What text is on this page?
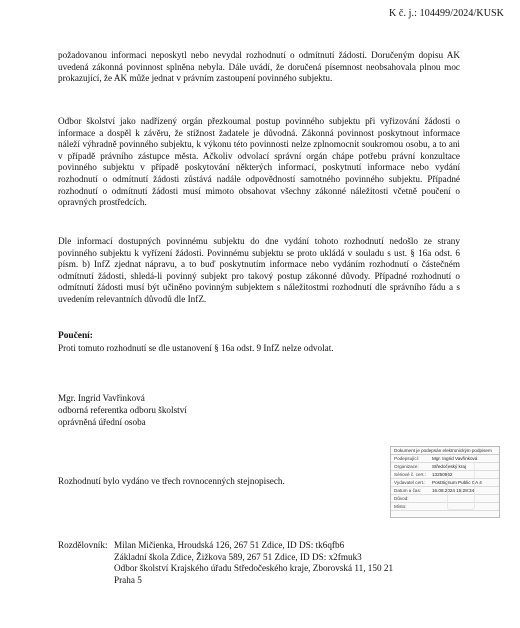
K č. j.: 104499/2024/KUSK

požadovanou informaci neposkytl nebo nevydal rozhodnutí o odmítnutí žádosti. Doručeným dopisu AK uvedená zákonná povinnost splněna nebyla. Dále uvádí, že doručená písemnost neobsahovala plnou moc prokazující, že AK může jednat v právním zastoupení povinného subjektu.

Odbor školství jako nadřízený orgán přezkoumal postup povinného subjektu při vyřizování žádosti o informace a dospěl k závěru, že stížnost žadatele je důvodná. Zákonná povinnost poskytnout informace náleží výhradně povinného subjektu, k výkonu této povinnosti nelze zplnomocnit soukromou osobu, a to ani v případě právního zástupce města. Ačkoliv odvolací správní orgán chápe potřebu právní konzultace povinného subjektu v případě poskytování některých informací, poskytnutí informace nebo vydání rozhodnutí o odmítnutí žádosti zůstává nadále odpovědností samotného povinného subjektu. Případné rozhodnutí o odmítnutí žádosti musí mimoto obsahovat všechny zákonné náležitosti včetně poučení o opravných prostředcích.

Dle informací dostupných povinnému subjektu do dne vydání tohoto rozhodnutí nedošlo ze strany povinného subjektu k vyřízení žádosti. Povinnému subjektu se proto ukládá v souladu s ust. § 16a odst. 6 písm. b) InfZ zjednat nápravu, a to buď poskytnutím informace nebo vydáním rozhodnutí o částečném odmítnutí žádosti, shledá-li povinný subjekt pro takový postup zákonné důvody. Případné rozhodnutí o odmítnutí žádosti musí být učiněno povinným subjektem s náležitostmi rozhodnutí dle správního řádu a s uvedením relevantních důvodů dle InfZ.

Poučení:

Proti tomuto rozhodnutí se dle ustanovení § 16a odst. 9 InfZ nelze odvolat.

Mgr. Ingrid Vavřinková
odborná referentka odboru školství
oprávněná úřední osoba

Rozhodnutí bylo vydáno ve třech rovnocenných stejnopisech.

Dokument je podepsán elektronickým podpisem
Podepsující:	Mgr. Ingrid Vavřinková
Organizace:	Středočeský kraj
Sériové č. cert.:	13250962
Vydavatel cert.:	PostSignum Public CA 4
Datum a čas:	16.08.2024 15:28:34
Důvod:
Místo:
Rozdělovník: Milan Mičienka, Hroudská 126, 267 51 Zdice, ID DS: tk6qfb6
Základní škola Zdice, Žižkova 589, 267 51 Zdice, ID DS: x2fmuk3
Odbor školství Krajského úřadu Středočeského kraje, Zborovská 11, 150 21
Praha 5
